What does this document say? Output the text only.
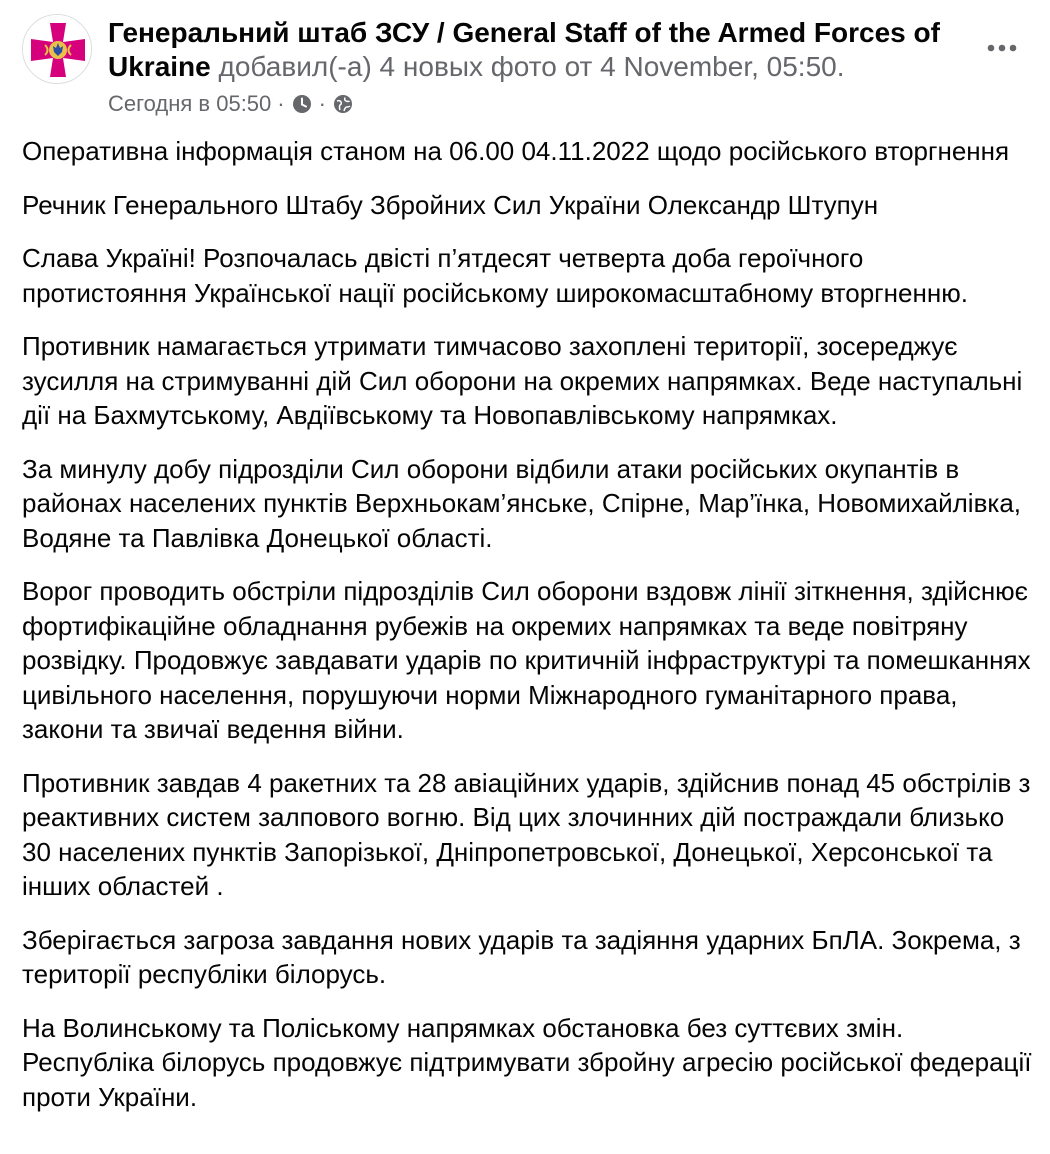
Генеральний штаб ЗСУ / General Staff of the Armed Forces of Ukraine добавил(-а) 4 новых фото от 4 November, 05:50.
Сегодня в 05:50 · ·

Оперативна інформація станом на 06.00 04.11.2022 щодо російського вторгнення

Речник Генерального Штабу Збройних Сил України Олександр Штупун

Слава Україні! Розпочалась двісті п’ятдесят четверта доба героїчного протистояння Української нації російському широкомасштабному вторгненню.

Противник намагається утримати тимчасово захоплені території, зосереджує зусилля на стримуванні дій Сил оборони на окремих напрямках. Веде наступальні дії на Бахмутському, Авдіївському та Новопавлівському напрямках.

За минулу добу підрозділи Сил оборони відбили атаки російських окупантів в районах населених пунктів Верхньокам’янське, Спірне, Мар’їнка, Новомихайлівка, Водяне та Павлівка Донецької області.

Ворог проводить обстріли підрозділів Сил оборони вздовж лінії зіткнення, здійснює фортифікаційне обладнання рубежів на окремих напрямках та веде повітряну розвідку. Продовжує завдавати ударів по критичній інфраструктурі та помешканнях цивільного населення, порушуючи норми Міжнародного гуманітарного права, закони та звичаї ведення війни.

Противник завдав 4 ракетних та 28 авіаційних ударів, здійснив понад 45 обстрілів з реактивних систем залпового вогню. Від цих злочинних дій постраждали близько 30 населених пунктів Запорізької, Дніпропетровської, Донецької, Херсонської та інших областей .

Зберігається загроза завдання нових ударів та задіяння ударних БпЛА. Зокрема, з території республіки білорусь.

На Волинському та Поліському напрямках обстановка без суттєвих змін. Республіка білорусь продовжує підтримувати збройну агресію російської федерації проти України.
